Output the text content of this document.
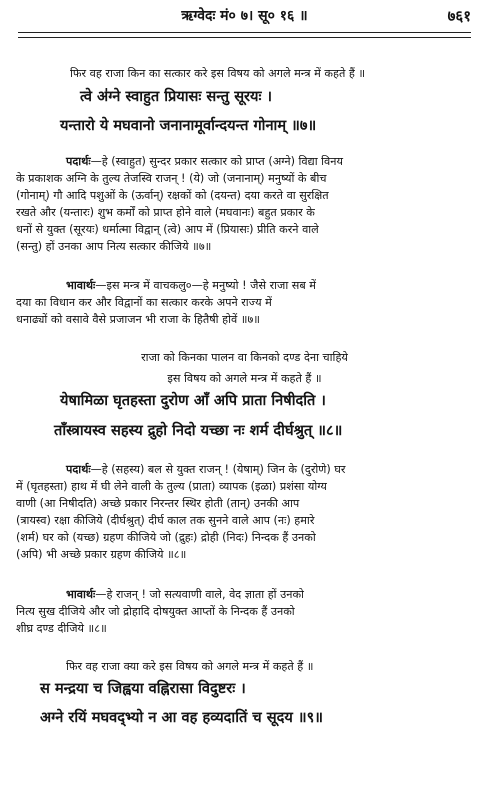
ऋग्वेदः मं० ७। सू० १६ ॥	७६१
फिर वह राजा किन का सत्कार करे इस विषय को अगले मन्त्र में कहते हैं ॥
त्वे अ॑ग्ने स्वाहुत प्रियासः सन्तु सूरयः ।
यन्तारो ये मघवानो जनानामूर्वान्दयन्त गोनाम् ॥७॥
पदार्थः—हे (स्वाहुत) सुन्दर प्रकार सत्कार को प्राप्त (अग्ने) विद्या विनय
के प्रकाशक अग्नि के तुल्य तेजस्वि राजन् ! (ये) जो (जनानाम्) मनुष्यों के बीच
(गोनाम्) गौ आदि पशुओं के (ऊर्वान्) रक्षकों को (दयन्त) दया करते वा सुरक्षित
रखते और (यन्तारः) शुभ कर्मों को प्राप्त होने वाले (मघवानः) बहुत प्रकार के
धनों से युक्त (सूरयः) धर्मात्मा विद्वान् (त्वे) आप में (प्रियासः) प्रीति करने वाले
(सन्तु) हों उनका आप नित्य सत्कार कीजिये ॥७॥
भावार्थः—इस मन्त्र में वाचकलु०—हे मनुष्यो ! जैसे राजा सब में
दया का विधान कर और विद्वानों का सत्कार करके अपने राज्य में
धनाढ्यों को वसावे वैसे प्रजाजन भी राजा के हितैषी होवें ॥७॥
राजा को किनका पालन वा किनको दण्ड देना चाहिये
इस विषय को अगले मन्त्र में कहते हैं ॥
येषामिळा घृतहस्ता दुरोण आँ अपि प्राता निषीदति ।
ताँस्त्रायस्व सहस्य द्रुहो निदो यच्छा नः शर्म दीर्घश्रुत् ॥८॥
पदार्थः—हे (सहस्य) बल से युक्त राजन् ! (येषाम्) जिन के (दुरोणे) घर
में (घृतहस्ता) हाथ में घी लेने वाली के तुल्य (प्राता) व्यापक (इळा) प्रशंसा योग्य
वाणी (आ निषीदति) अच्छे प्रकार निरन्तर स्थिर होती (तान्) उनकी आप
(त्रायस्व) रक्षा कीजिये (दीर्घश्रुत्) दीर्घ काल तक सुनने वाले आप (नः) हमारे
(शर्म) घर को (यच्छ) ग्रहण कीजिये जो (द्रुहः) द्रोही (निदः) निन्दक हैं उनको
(अपि) भी अच्छे प्रकार ग्रहण कीजिये ॥८॥
भावार्थः—हे राजन् ! जो सत्यवाणी वाले, वेद ज्ञाता हों उनको
नित्य सुख दीजिये और जो द्रोहादि दोषयुक्त आप्तों के निन्दक हैं उनको
शीघ्र दण्ड दीजिये ॥८॥
फिर वह राजा क्या करे इस विषय को अगले मन्त्र में कहते हैं ॥
स मन्द्रया च जिह्वया वह्निरासा विदुष्टरः ।
अग्ने रयिं मघवद्भ्यो न आ वह हव्यदातिं च सूदय ॥९॥
